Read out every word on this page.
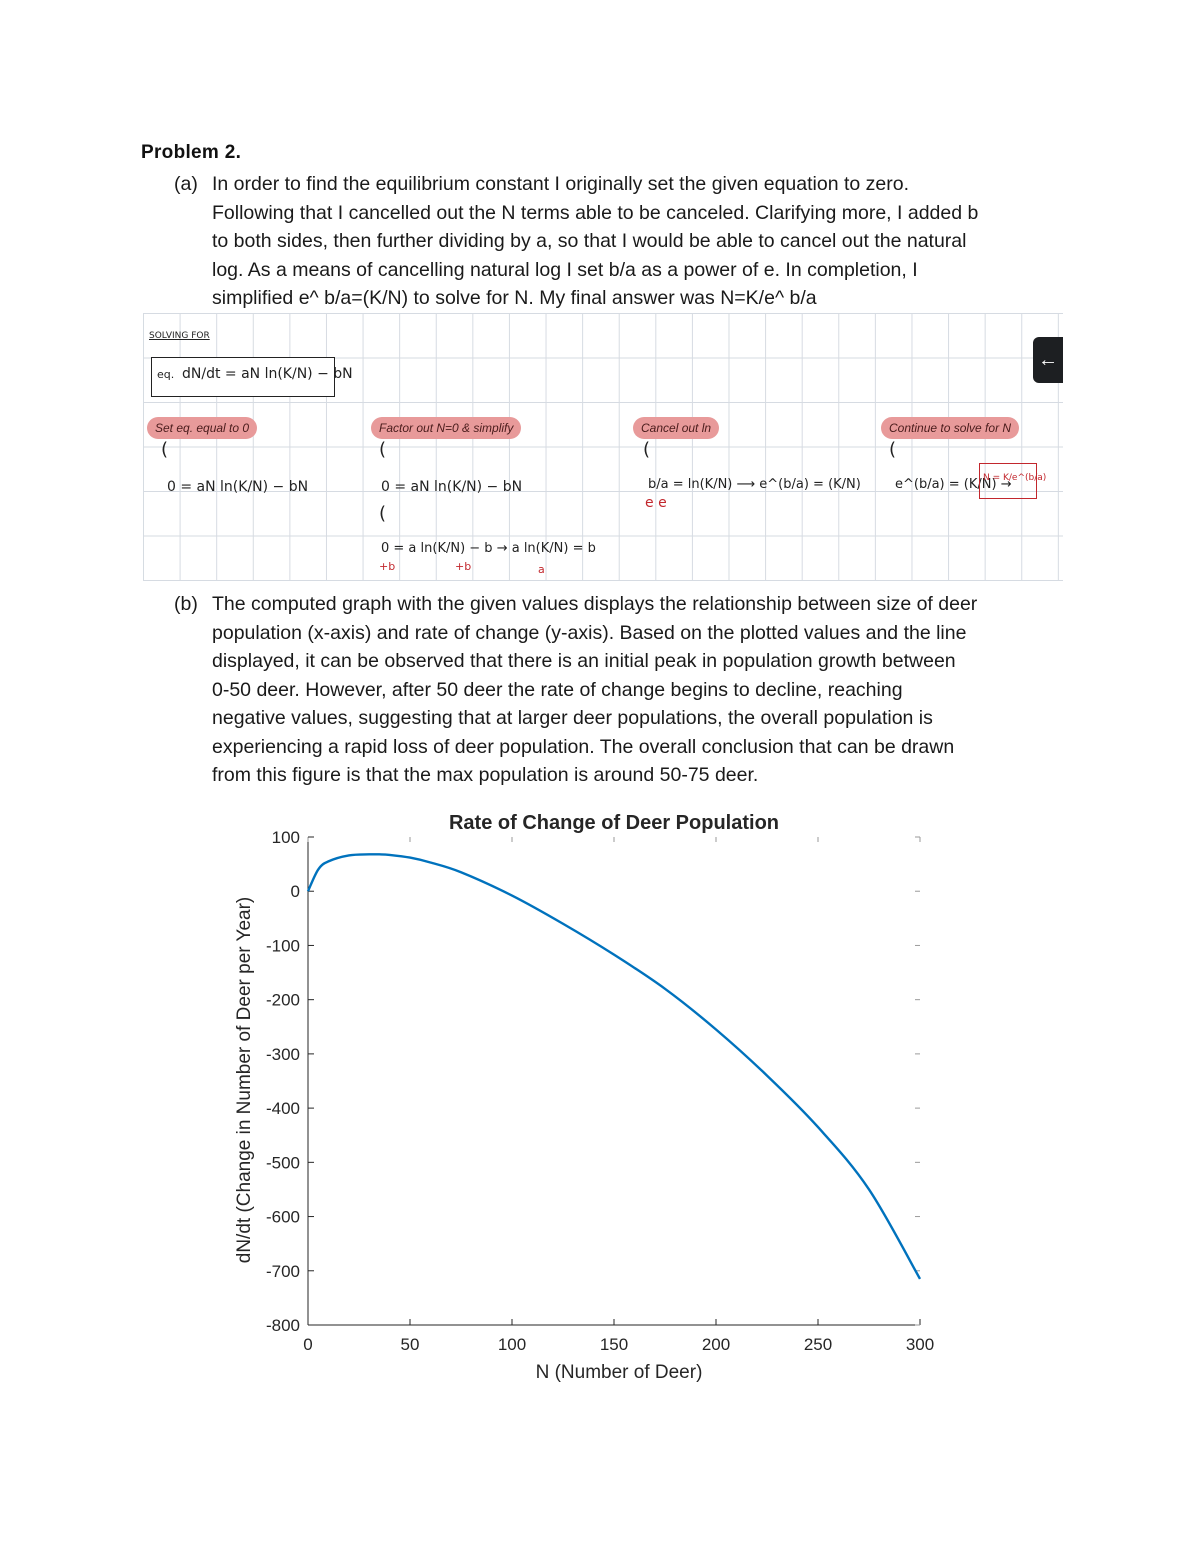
Problem 2.
(a) In order to find the equilibrium constant I originally set the given equation to zero.
Following that I cancelled out the N terms able to be canceled. Clarifying more, I added b
to both sides, then further dividing by a, so that I would be able to cancel out the natural
log. As a means of cancelling natural log I set b/a as a power of e. In completion, I
simplified e^ b/a=(K/N) to solve for N. My final answer was N=K/e^ b/a
SOLVING FOR
eq. dN/dt = aN ln(K/N) − bN
←
Set eq. equal to 0
(
0 = aN ln(K/N) − bN
Factor out N=0 & simplify
(
0 = aN ln(K/N) − bN
(
0 = a ln(K/N) − b → a ln(K/N) = b
+b	+b	a
Cancel out ln
(
b/a = ln(K/N) ⟶ e^(b/a) = (K/N)
e e
Continue to solve for N
(
e^(b/a) = (K/N) →
N = K/e^(b/a)
(b) The computed graph with the given values displays the relationship between size of deer
population (x-axis) and rate of change (y-axis). Based on the plotted values and the line
displayed, it can be observed that there is an initial peak in population growth between
0-50 deer. However, after 50 deer the rate of change begins to decline, reaching
negative values, suggesting that at larger deer populations, the overall population is
experiencing a rapid loss of deer population. The overall conclusion that can be drawn
from this figure is that the max population is around 50-75 deer.
Rate of Change of Deer Population
N (Number of Deer)
dN/dt (Change in Number of Deer per Year)
0	50	100	150	200	250	300
100
0
-100
-200
-300
-400
-500
-600
-700
-800
